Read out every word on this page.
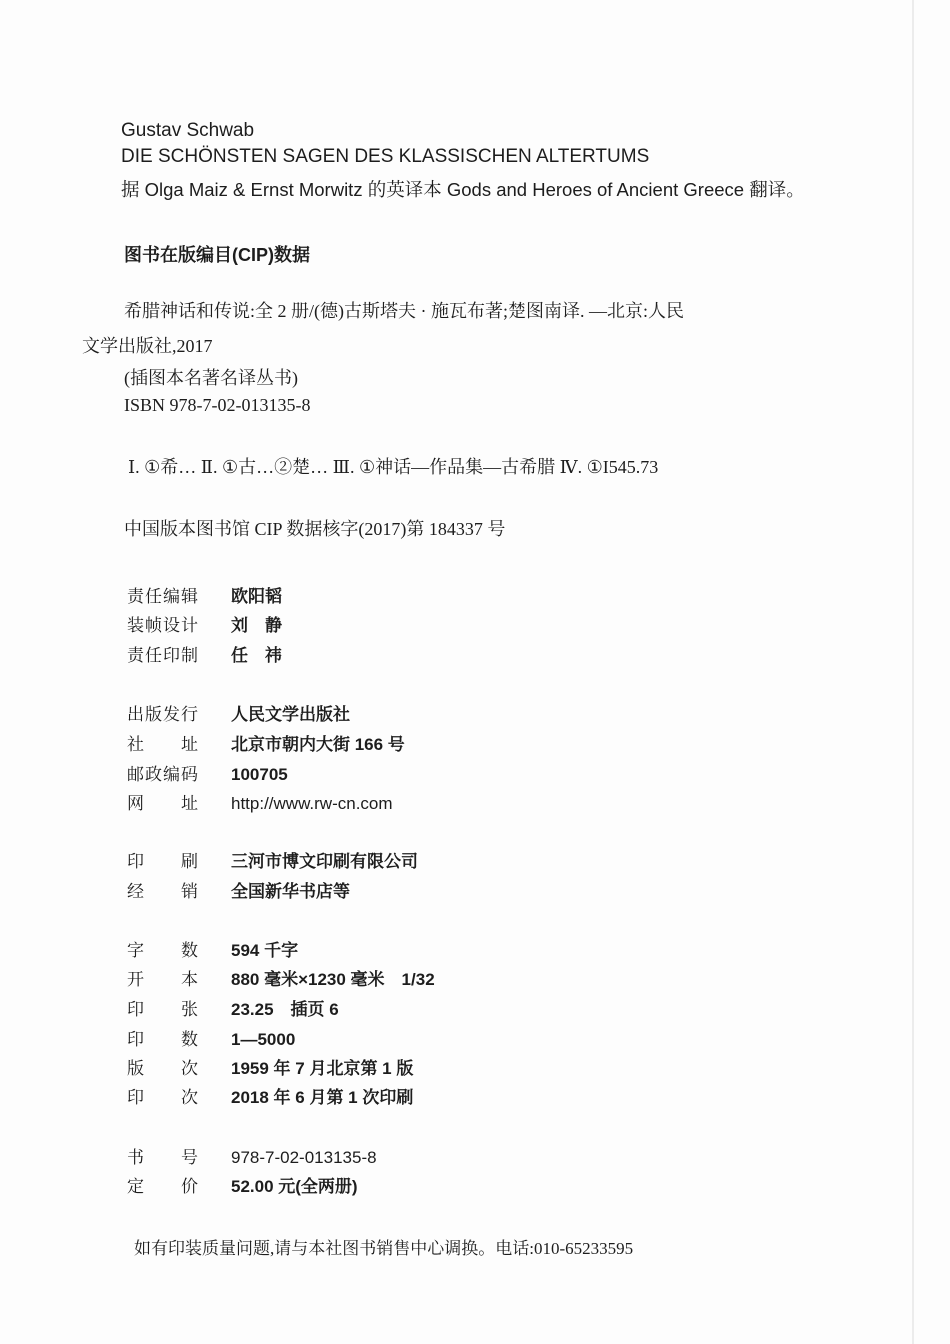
Gustav Schwab
DIE SCHÖNSTEN SAGEN DES KLASSISCHEN ALTERTUMS
据 Olga Maiz & Ernst Morwitz 的英译本 Gods and Heroes of Ancient Greece 翻译。
图书在版编目(CIP)数据
希腊神话和传说:全 2 册/(德)古斯塔夫 · 施瓦布著;楚图南译. —北京:人民
文学出版社,2017
(插图本名著名译丛书)
ISBN 978-7-02-013135-8
Ⅰ. ①希… Ⅱ. ①古…②楚… Ⅲ. ①神话—作品集—古希腊 Ⅳ. ①I545.73
中国版本图书馆 CIP 数据核字(2017)第 184337 号
责任编辑 欧阳韬
装帧设计 刘　静
责任印制 任　祎
出版发行 人民文学出版社
社　　址 北京市朝内大街 166 号
邮政编码 100705
网　　址 http://www.rw-cn.com
印　　刷 三河市博文印刷有限公司
经　　销 全国新华书店等
字　　数 594 千字
开　　本 880 毫米×1230 毫米　1/32
印　　张 23.25　插页 6
印　　数 1—5000
版　　次 1959 年 7 月北京第 1 版
印　　次 2018 年 6 月第 1 次印刷
书　　号 978-7-02-013135-8
定　　价 52.00 元(全两册)
如有印装质量问题,请与本社图书销售中心调换。电话:010-65233595
